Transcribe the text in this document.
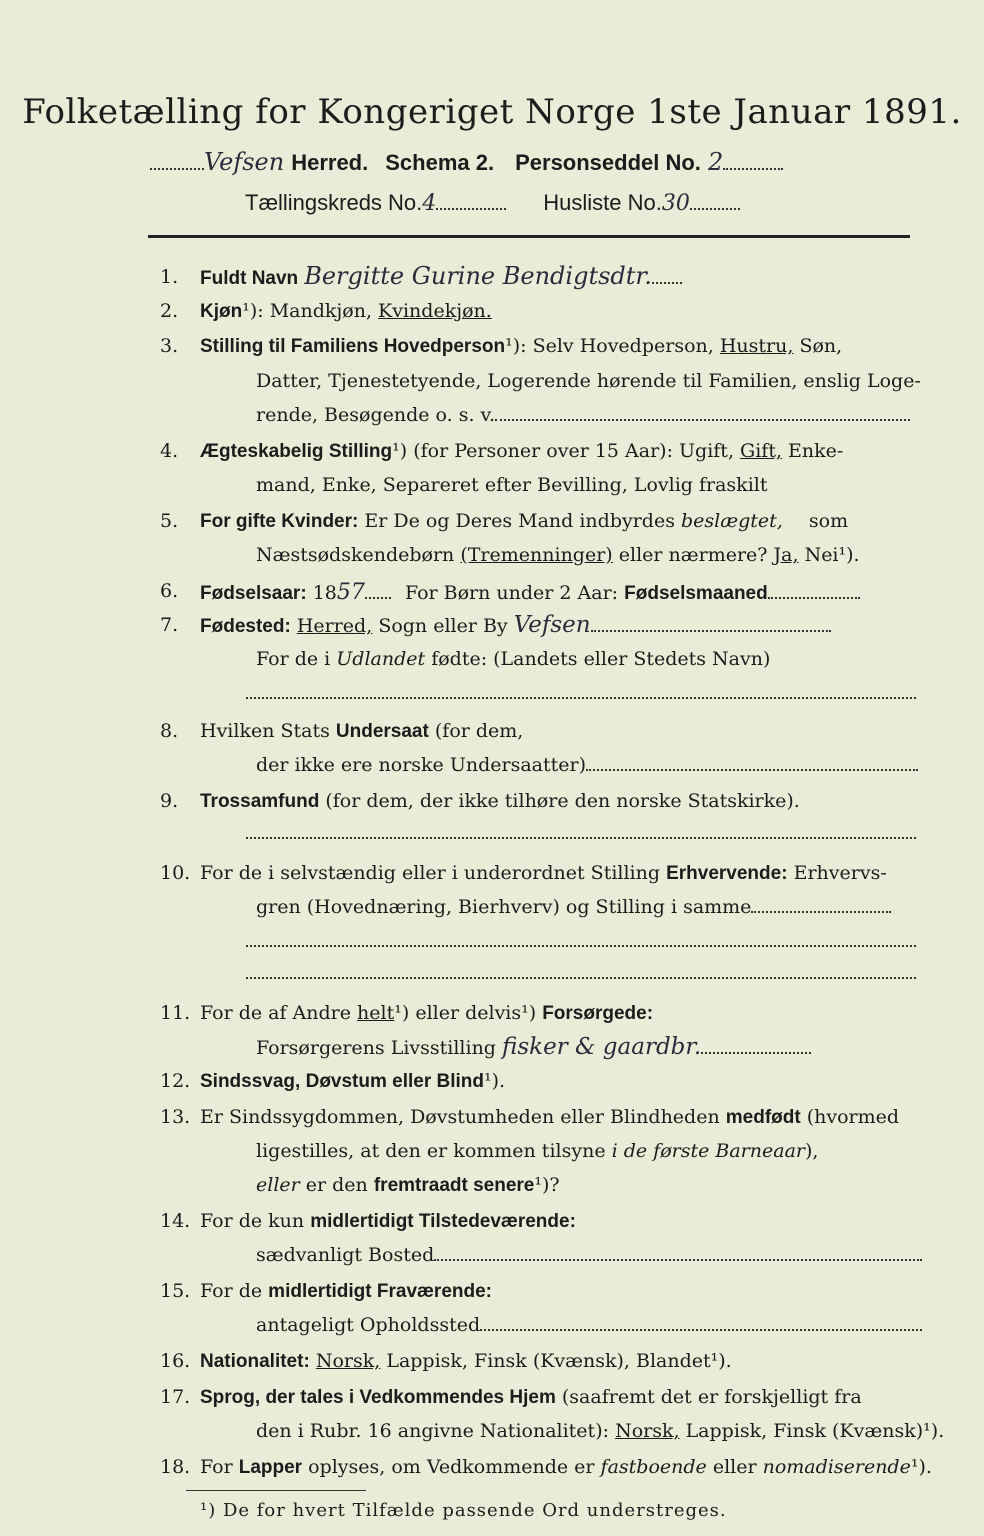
Folketælling for Kongeriget Norge 1ste Januar 1891.
Vefsen Herred. Schema 2. Personseddel No. 2
Tællingskreds No.4	Husliste No.30
1.	Fuldt Navn Bergitte Gurine Bendigtsdtr.
2.	Kjøn¹): Mandkjøn, Kvindekjøn.
3.	Stilling til Familiens Hovedperson¹): Selv Hovedperson, Hustru, Søn,
Datter, Tjenestetyende, Logerende hørende til Familien, enslig Loge-
rende, Besøgende o. s. v.
4.	Ægteskabelig Stilling¹) (for Personer over 15 Aar): Ugift, Gift, Enke-
mand, Enke, Separeret efter Bevilling, Lovlig fraskilt
5.	For gifte Kvinder: Er De og Deres Mand indbyrdes beslægtet, som
Næstsødskendebørn (Tremenninger) eller nærmere? Ja, Nei¹).
6.	Fødselsaar: 1857 For Børn under 2 Aar: Fødselsmaaned
7.	Fødested: Herred, Sogn eller By Vefsen
For de i Udlandet fødte: (Landets eller Stedets Navn)
8.	Hvilken Stats Undersaat (for dem,
der ikke ere norske Undersaatter)
9.	Trossamfund (for dem, der ikke tilhøre den norske Statskirke).
10. For de i selvstændig eller i underordnet Stilling Erhvervende: Erhvervs-
gren (Hovednæring, Bierhverv) og Stilling i samme
11. For de af Andre helt¹) eller delvis¹) Forsørgede:
Forsørgerens Livsstilling fisker & gaardbr.
12. Sindssvag, Døvstum eller Blind¹).
13. Er Sindssygdommen, Døvstumheden eller Blindheden medfødt (hvormed
ligestilles, at den er kommen tilsyne i de første Barneaar),
eller er den fremtraadt senere¹)?
14. For de kun midlertidigt Tilstedeværende:
sædvanligt Bosted
15. For de midlertidigt Fraværende:
antageligt Opholdssted
16. Nationalitet: Norsk, Lappisk, Finsk (Kvænsk), Blandet¹).
17. Sprog, der tales i Vedkommendes Hjem (saafremt det er forskjelligt fra
den i Rubr. 16 angivne Nationalitet): Norsk, Lappisk, Finsk (Kvænsk)¹).
18. For Lapper oplyses, om Vedkommende er fastboende eller nomadiserende¹).
¹) De for hvert Tilfælde passende Ord understreges.
